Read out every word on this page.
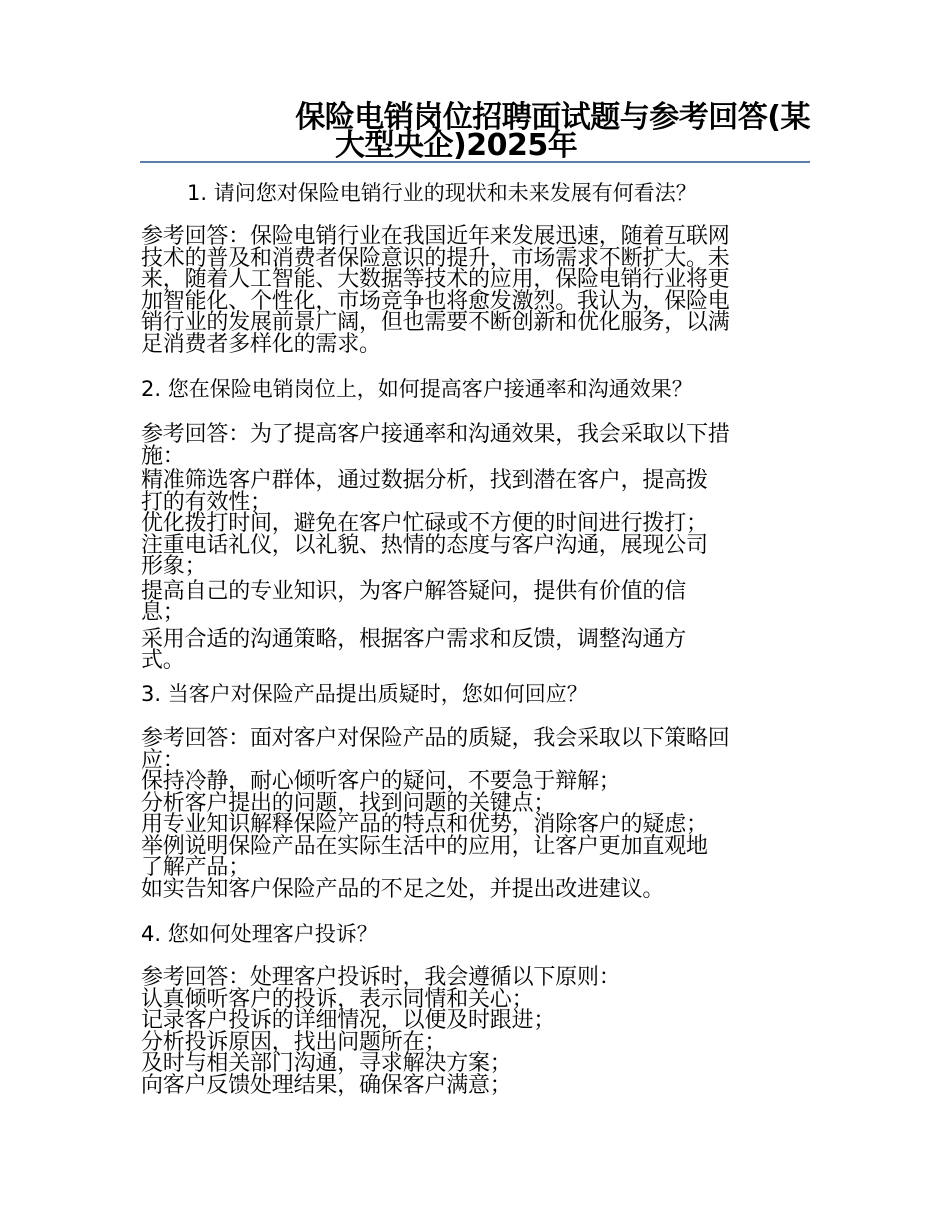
保险电销岗位招聘面试题与参考回答(某
大型央企)2025年

1. 请问您对保险电销行业的现状和未来发展有何看法？

参考回答：保险电销行业在我国近年来发展迅速，随着互联网
技术的普及和消费者保险意识的提升，市场需求不断扩大。未
来，随着人工智能、大数据等技术的应用，保险电销行业将更
加智能化、个性化，市场竞争也将愈发激烈。我认为，保险电
销行业的发展前景广阔，但也需要不断创新和优化服务，以满
足消费者多样化的需求。

2. 您在保险电销岗位上，如何提高客户接通率和沟通效果？

参考回答：为了提高客户接通率和沟通效果，我会采取以下措
施：
精准筛选客户群体，通过数据分析，找到潜在客户，提高拨
打的有效性；
优化拨打时间，避免在客户忙碌或不方便的时间进行拨打；
注重电话礼仪，以礼貌、热情的态度与客户沟通，展现公司
形象；
提高自己的专业知识，为客户解答疑问，提供有价值的信
息；
采用合适的沟通策略，根据客户需求和反馈，调整沟通方
式。

3. 当客户对保险产品提出质疑时，您如何回应？

参考回答：面对客户对保险产品的质疑，我会采取以下策略回
应：
保持冷静，耐心倾听客户的疑问，不要急于辩解；
分析客户提出的问题，找到问题的关键点；
用专业知识解释保险产品的特点和优势，消除客户的疑虑；
举例说明保险产品在实际生活中的应用，让客户更加直观地
了解产品；
如实告知客户保险产品的不足之处，并提出改进建议。

4. 您如何处理客户投诉？

参考回答：处理客户投诉时，我会遵循以下原则：
认真倾听客户的投诉，表示同情和关心；
记录客户投诉的详细情况，以便及时跟进；
分析投诉原因，找出问题所在；
及时与相关部门沟通，寻求解决方案；
向客户反馈处理结果，确保客户满意；
